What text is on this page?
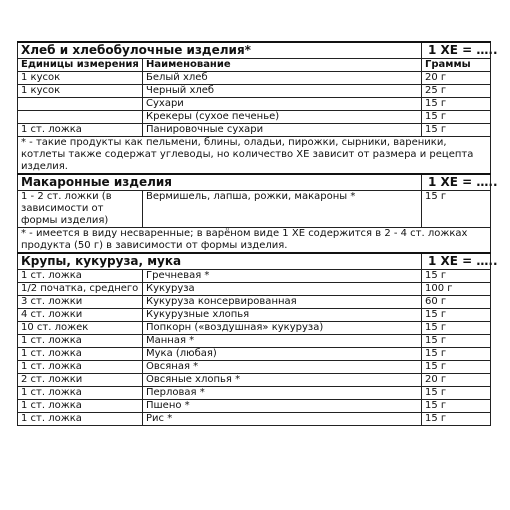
Хлеб и хлебобулочные изделия*		1 ХЕ = …..
Единицы измерения	Наименование	Граммы
1 кусок	Белый хлеб	20 г
1 кусок	Черный хлеб	25 г
	Сухари	15 г
	Крекеры (сухое печенье)	15 г
1 ст. ложка	Панировочные сухари	15 г
* - такие продукты как пельмени, блины, оладьи, пирожки, сырники, вареники, котлеты также содержат углеводы, но количество ХЕ зависит от размера и рецепта изделия.		
Макаронные изделия		1 ХЕ = …..
1 - 2 ст. ложки (в зависимости от формы изделия)	Вермишель, лапша, рожки, макароны *	15 г
* - имеется в виду несваренные; в варёном виде 1 ХЕ содержится в 2 - 4 ст. ложках продукта (50 г) в зависимости от формы изделия.		
Крупы, кукуруза, мука		1 ХЕ = …..
1 ст. ложка	Гречневая *	15 г
1/2 початка, среднего	Кукуруза	100 г
3 ст. ложки	Кукуруза консервированная	60 г
4 ст. ложки	Кукурузные хлопья	15 г
10 ст. ложек	Попкорн («воздушная» кукуруза)	15 г
1 ст. ложка	Манная *	15 г
1 ст. ложка	Мука (любая)	15 г
1 ст. ложка	Овсяная *	15 г
2 ст. ложки	Овсяные хлопья *	20 г
1 ст. ложка	Перловая *	15 г
1 ст. ложка	Пшено *	15 г
1 ст. ложка	Рис *	15 г
